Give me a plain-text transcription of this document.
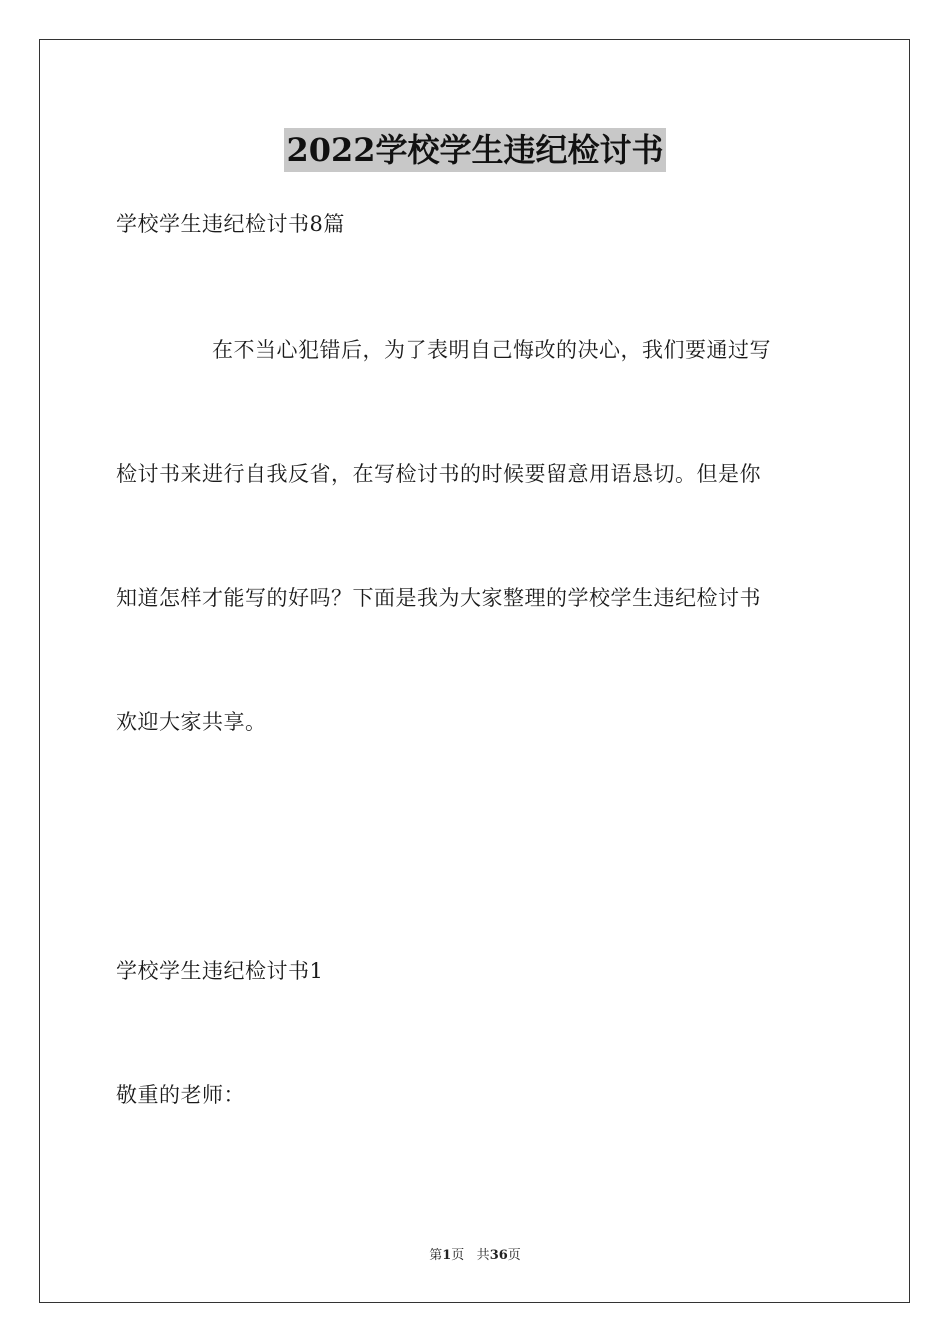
2022学校学生违纪检讨书
学校学生违纪检讨书8篇
在不当心犯错后，为了表明自己悔改的决心，我们要通过写
检讨书来进行自我反省，在写检讨书的时候要留意用语恳切。但是你
知道怎样才能写的好吗？下面是我为大家整理的学校学生违纪检讨书
欢迎大家共享。
学校学生违纪检讨书1
敬重的老师：
第1页 共36页
